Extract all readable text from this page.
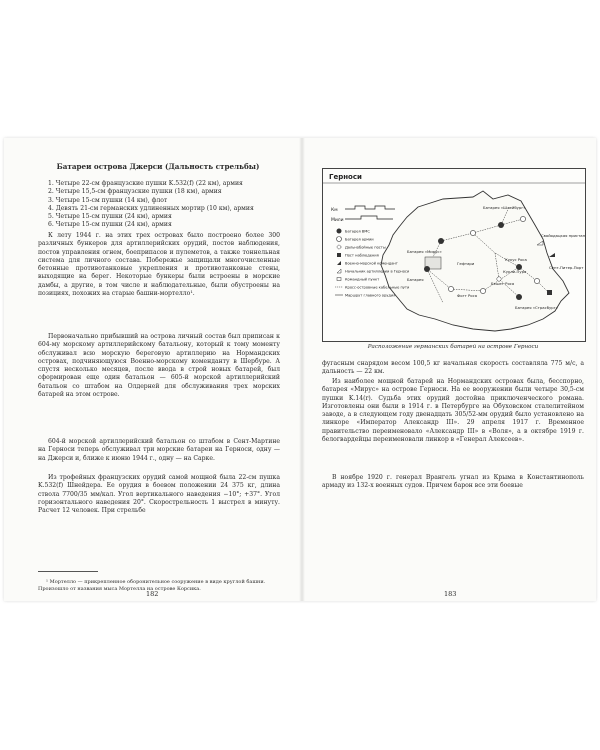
Батареи острова Джерси (Дальность стрельбы)
1. Четыре 22-см французские пушки K.532(f) (22 км), армия
2. Четыре 15,5-см французские пушки (18 км), армия
3. Четыре 15-см пушки (14 км), флот
4. Девять 21-см германских удлиненных мортир (10 км), армия
5. Четыре 15-см пушки (24 км), армия
6. Четыре 15-см пушки (24 км), армия

К лету 1944 г. на этих трех островах было построено более 300 различных бункеров для артиллерийских орудий, постов наблюдения, постов управления огнем, боеприпасов и пулеметов, а также тоннельная система для личного состава. Побережье защищали многочисленные бетонные противотанковые укрепления и противотанковые стены, выходящие на берег. Некоторые бункеры были встроены в морские дамбы, а другие, в том числе и наблюдательные, были обустроены на позициях, похожих на старые башни-мортелло¹.

Первоначально прибывший на острова личный состав был приписан к 604-му морскому артиллерийскому батальону, который к тому моменту обслуживал всю морскую береговую артиллерию на Нормандских островах, подчиняющуюся Военно-морскому коменданту в Шербуре. А спустя несколько месяцев, после ввода в строй новых батарей, был сформирован еще один батальон — 605-й морской артиллерийский батальон со штабом на Олдерней для обслуживания трех морских батарей на этом острове.

604-й морской артиллерийский батальон со штабом в Сент-Мартине на Герноси теперь обслуживал три морские батареи на Герноси, одну — на Джерси и, ближе к июню 1944 г., одну — на Сарке.

Из трофейных французских орудий самой мощной была 22-см пушка K.532(f) Шнейдера. Ее орудия в боевом положении 24 375 кг, длина ствола 7700/35 мм/кал. Угол вертикального наведения −10°; +37°. Угол горизонтального наведения 20°. Скорострельность 1 выстрел в минуту. Расчет 12 человек. При стрельбе

¹ Мортелло — прикрепленное оборонительное сооружение в виде круглой башни. Произошло от названия мыса Мортелла на острове Корсика.

182
Герноси
Км
Мили
Батарея ВМС
Батарея армии
Дальнобойные посты
Пост наблюдения
Военно-морской комендант
Начальник артиллерии в Герноси
Командный пункт
Кросс-островные кабельные пути
Маршрут главного орудия
Батарея «Шлейбург»
Батарея «Мирус»
Сент-Питер-Порт
Батарея «Страсбург»
Батарея
Фогт Роса
Бешет Роса
Кукус Роса
Кукли-Пуре
Гефтари
Свойодацкая пристань
Расположение германских батарей на острове Герноси

фугасным снарядом весом 100,5 кг начальная скорость составляла 775 м/с, а дальность — 22 км.

Из наиболее мощной батарей на Нормандских островах была, бесспорно, батарея «Мирус» на острове Герноси. На ее вооружении были четыре 30,5-см пушки K.14(r). Судьба этих орудий достойна приключенческого романа. Изготовлены они были в 1914 г. в Петербурге на Обуховском сталелитейном заводе, а в следующем году двенадцать 305/52-мм орудий было установлено на линкоре «Император Александр III». 29 апреля 1917 г. Временное правительство переименовало «Александр III» в «Воля», а в октябре 1919 г. белогвардейцы переименовали линкор в «Генерал Алексеев».

В ноябре 1920 г. генерал Врангель угнал из Крыма в Константинополь армаду из 132-х военных судов. Причем барон все эти боевые

183
